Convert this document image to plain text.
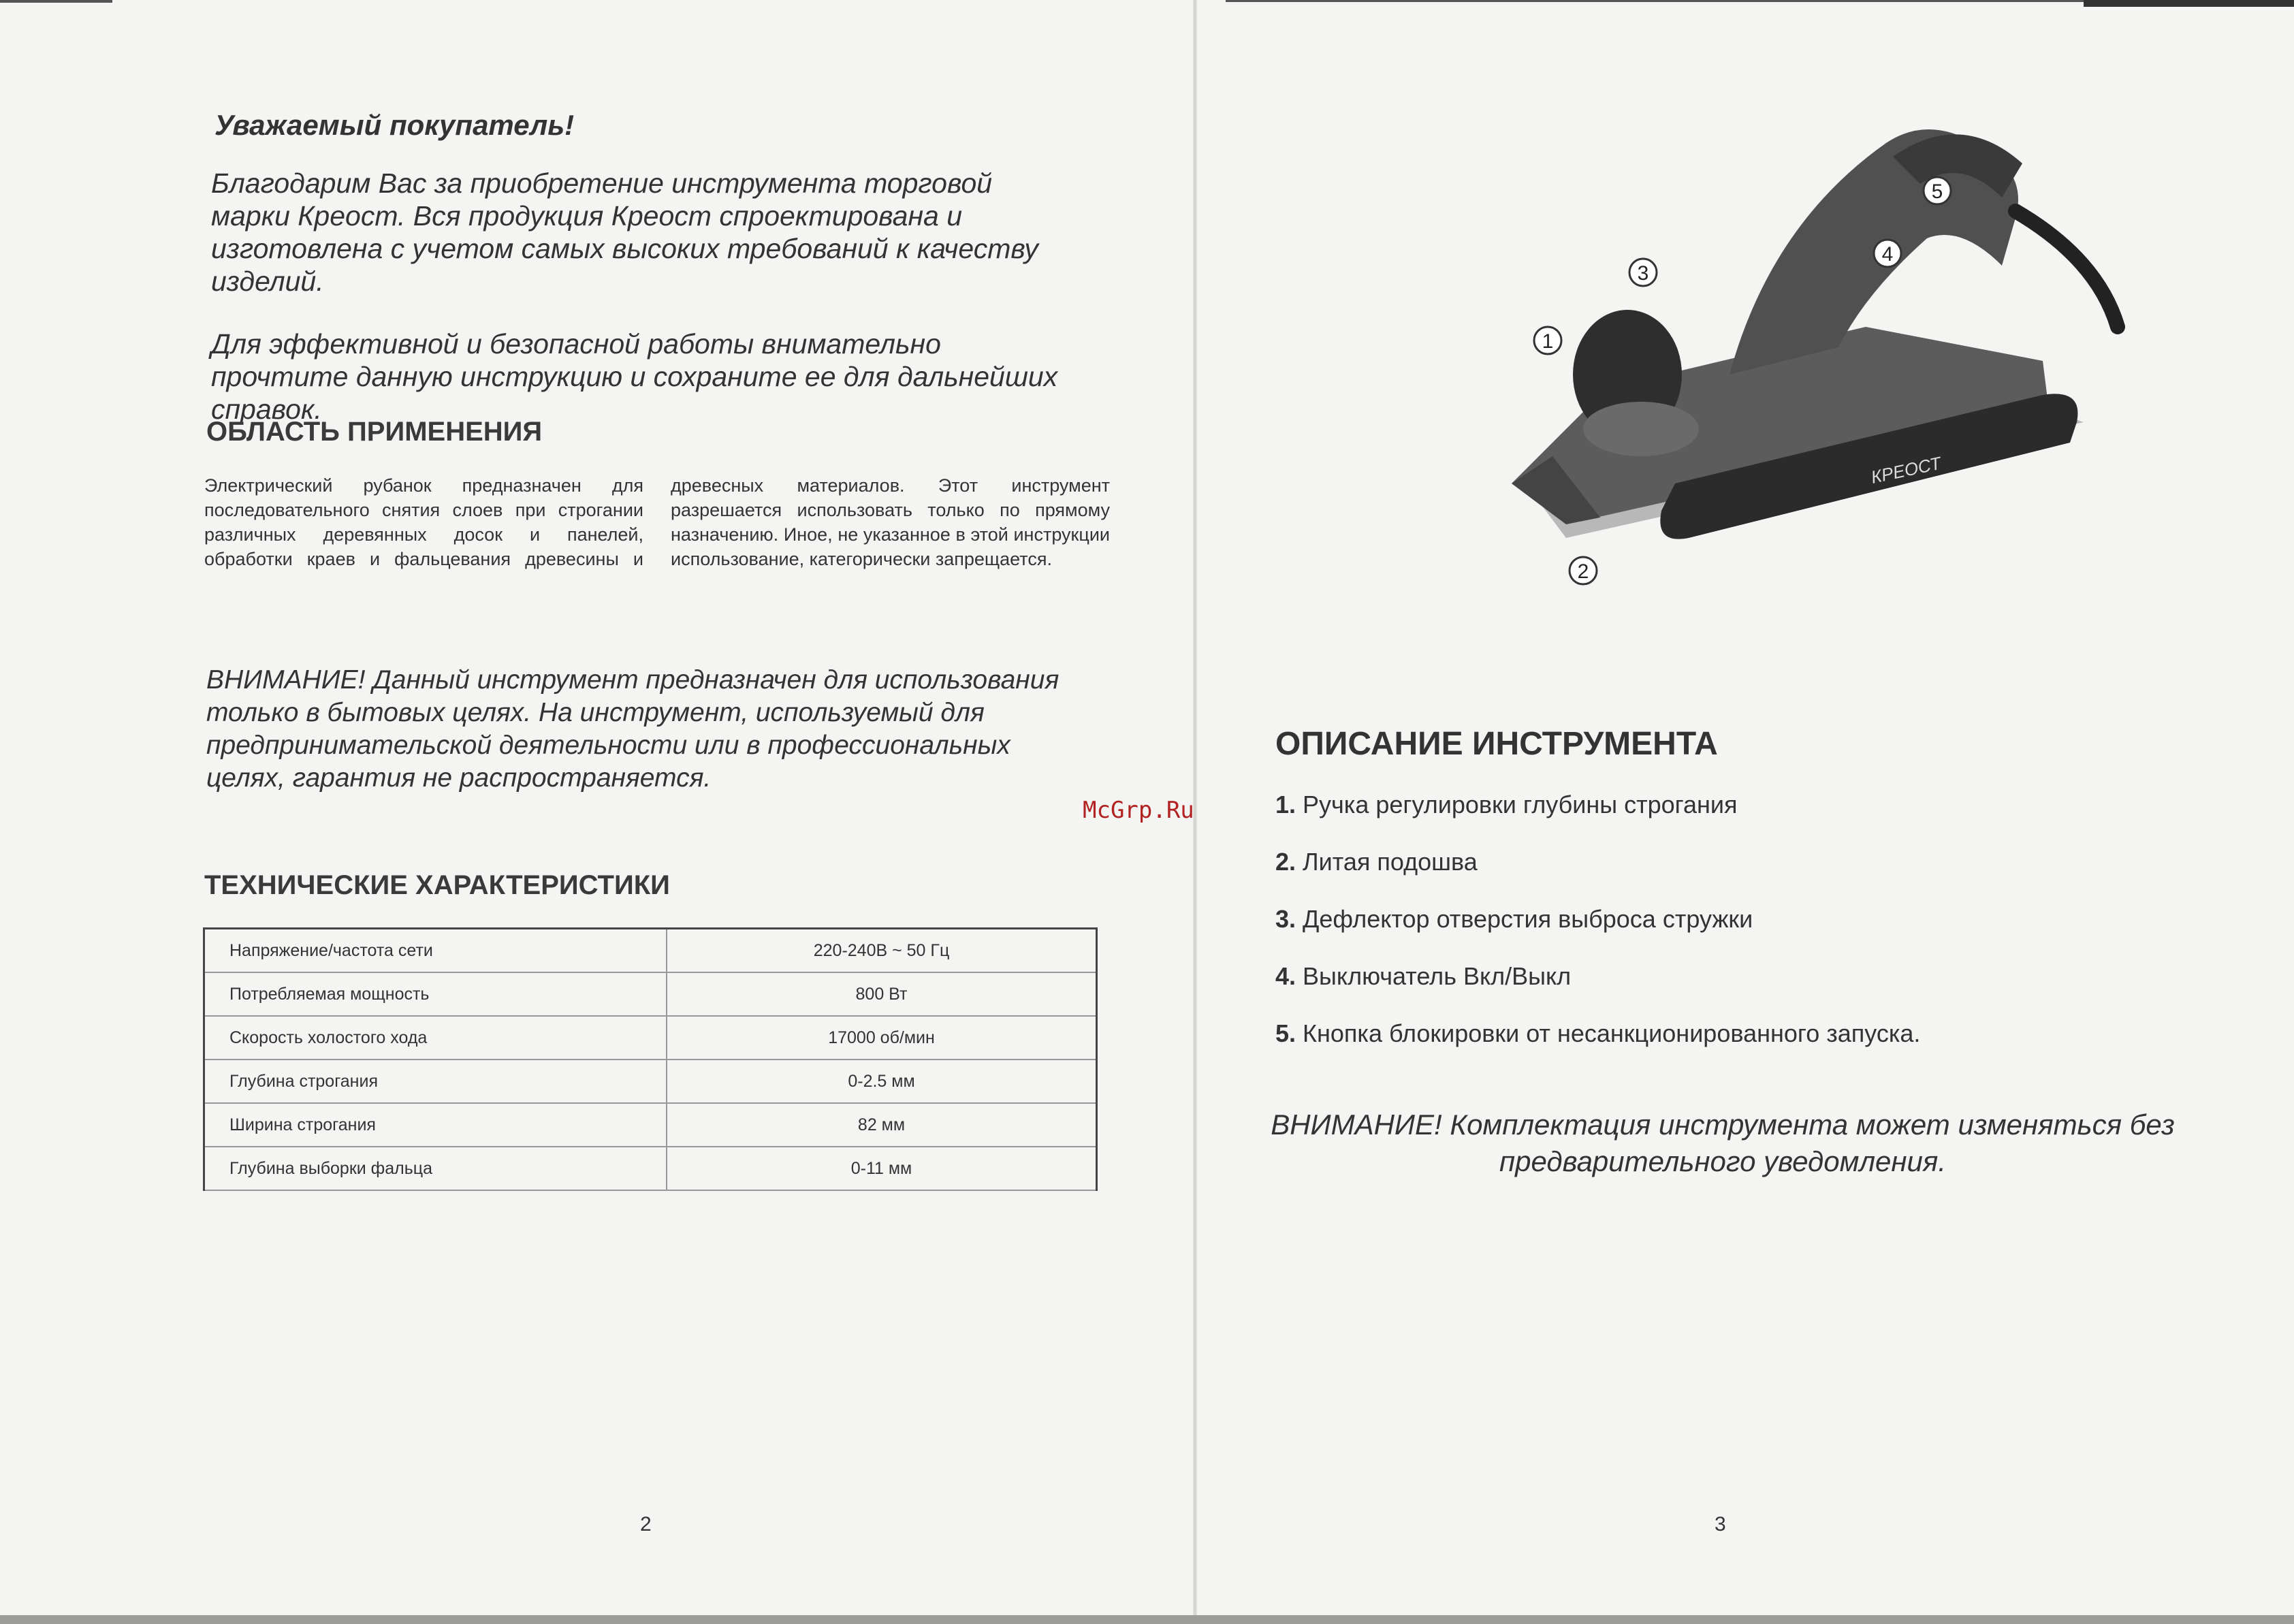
Уважаемый покупатель!

Благодарим Вас за приобретение инструмента торговой марки Креост. Вся продукция Креост спроектирована и изготовлена с учетом самых высоких требований к качеству изделий.

Для эффективной и безопасной работы внимательно прочтите данную инструкцию и сохраните ее для дальнейших справок.

ОБЛАСТЬ ПРИМЕНЕНИЯ
Электрический рубанок предназначен для последовательного снятия слоев при строгании различных деревянных досок и панелей, обработки краев и фальцевания древесины и древесных материалов. Этот инструмент разрешается использовать только по прямому назначению. Иное, не указанное в этой инструкции использование, категорически запрещается.
ВНИМАНИЕ! Данный инструмент предназначен для использования только в бытовых целях. На инструмент, используемый для предпринимательской деятельности или в профессиональных целях, гарантия не распространяется.
ТЕХНИЧЕСКИЕ ХАРАКТЕРИСТИКИ
Напряжение/частота сети	220-240В ~ 50 Гц
Потребляемая мощность	800 Вт
Скорость холостого хода	17000 об/мин
Глубина строгания	0-2.5 мм
Ширина строгания	82 мм
Глубина выборки фальца	0-11 мм
2
McGrp.Ru
КРЕОСТ
1
2
3
4
5
ОПИСАНИЕ ИНСТРУМЕНТА
1. Ручка регулировки глубины строгания
2. Литая подошва
3. Дефлектор отверстия выброса стружки
4. Выключатель Вкл/Выкл
5. Кнопка блокировки от несанкционированного запуска.
ВНИМАНИЕ! Комплектация инструмента может изменяться без предварительного уведомления.
3
